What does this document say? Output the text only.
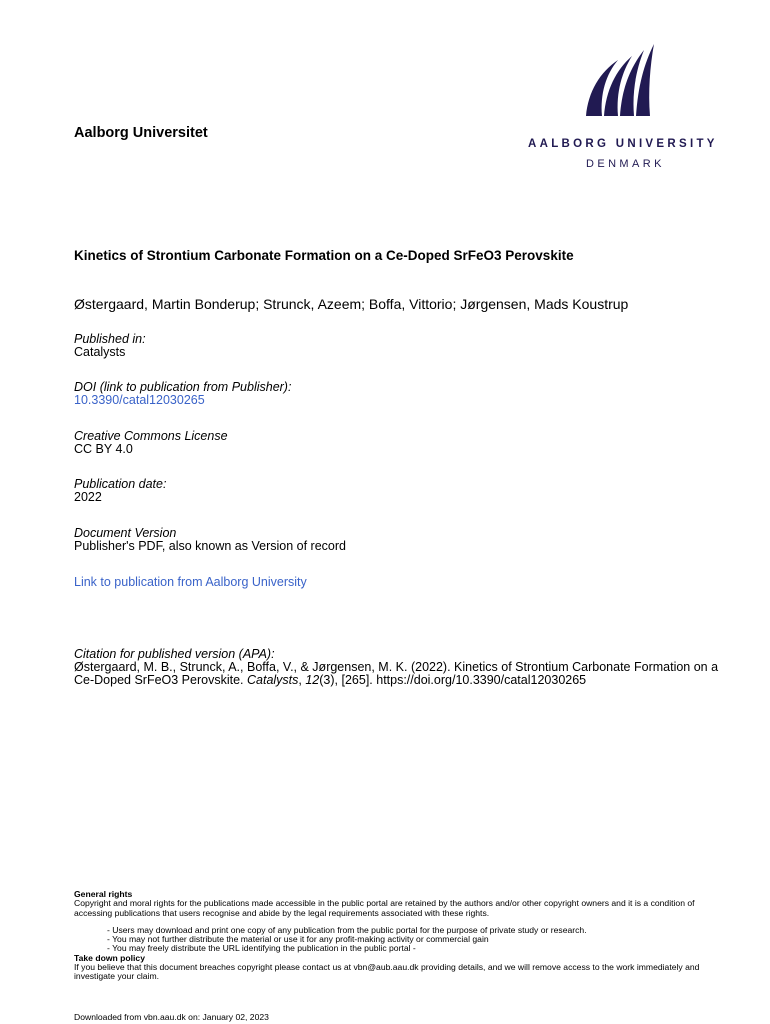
Aalborg Universitet
AALBORG UNIVERSITY
DENMARK
Kinetics of Strontium Carbonate Formation on a Ce-Doped SrFeO3 Perovskite
Østergaard, Martin Bonderup; Strunck, Azeem; Boffa, Vittorio; Jørgensen, Mads Koustrup
Published in:
Catalysts
DOI (link to publication from Publisher):
10.3390/catal12030265
Creative Commons License
CC BY 4.0
Publication date:
2022
Document Version
Publisher's PDF, also known as Version of record
Link to publication from Aalborg University
Citation for published version (APA):
Østergaard, M. B., Strunck, A., Boffa, V., & Jørgensen, M. K. (2022). Kinetics of Strontium Carbonate Formation on a Ce-Doped SrFeO3 Perovskite. Catalysts, 12(3), [265]. https://doi.org/10.3390/catal12030265
General rights
Copyright and moral rights for the publications made accessible in the public portal are retained by the authors and/or other copyright owners and it is a condition of accessing publications that users recognise and abide by the legal requirements associated with these rights.
- Users may download and print one copy of any publication from the public portal for the purpose of private study or research.
- You may not further distribute the material or use it for any profit-making activity or commercial gain
- You may freely distribute the URL identifying the publication in the public portal -
Take down policy
If you believe that this document breaches copyright please contact us at vbn@aub.aau.dk providing details, and we will remove access to the work immediately and investigate your claim.
Downloaded from vbn.aau.dk on: January 02, 2023
